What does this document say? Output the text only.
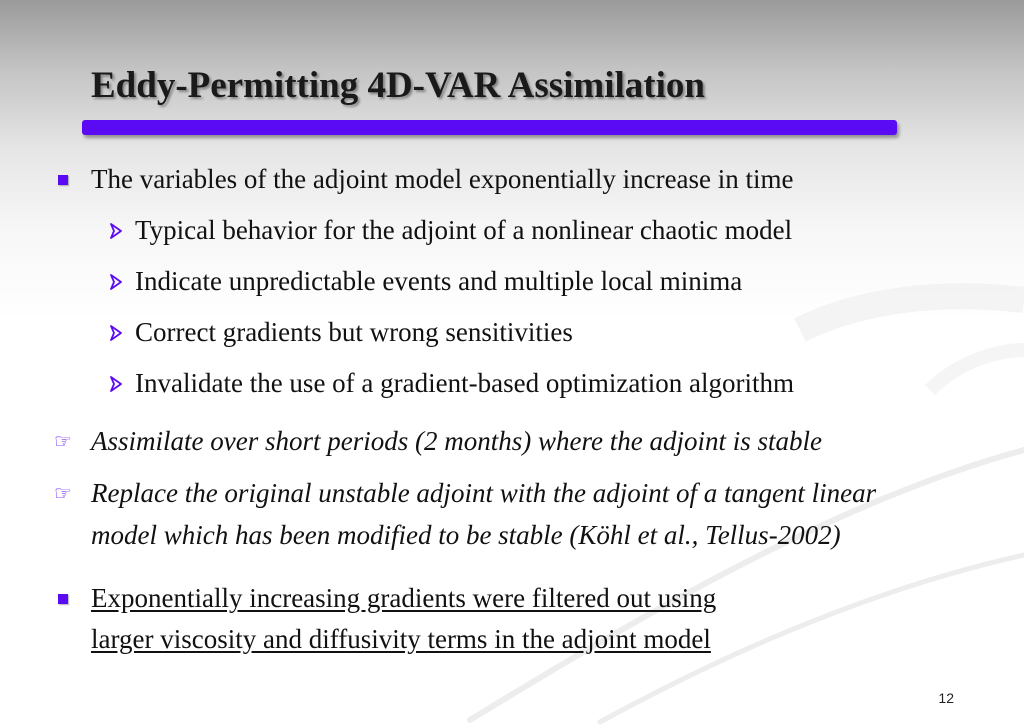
Eddy-Permitting 4D-VAR Assimilation
The variables of the adjoint model exponentially increase in time
Typical behavior for the adjoint of a nonlinear chaotic model
Indicate unpredictable events and multiple local minima
Correct gradients but wrong sensitivities
Invalidate the use of a gradient-based optimization algorithm
☞ Assimilate over short periods (2 months) where the adjoint is stable
☞ Replace the original unstable adjoint with the adjoint of a tangent linear
model which has been modified to be stable (Köhl et al., Tellus-2002)
Exponentially increasing gradients were filtered out using
larger viscosity and diffusivity terms in the adjoint model
12
